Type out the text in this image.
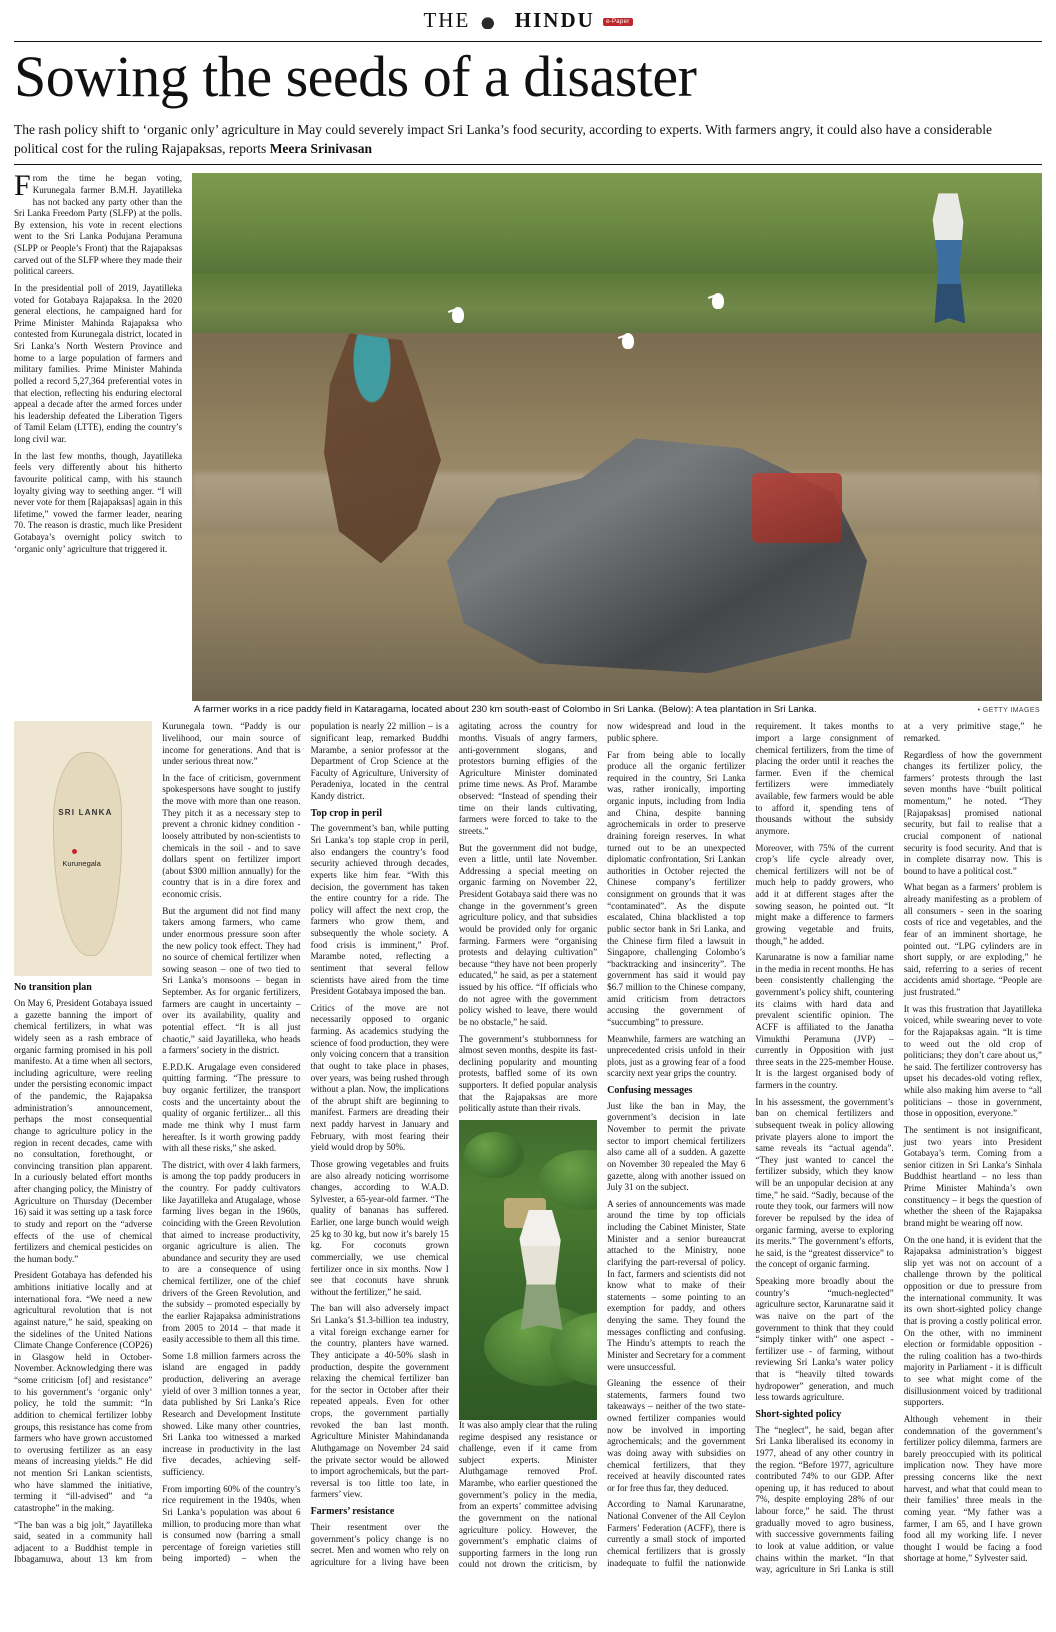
THE HINDU e-Paper
Sowing the seeds of a disaster
The rash policy shift to ‘organic only’ agriculture in May could severely impact Sri Lanka’s food security, according to experts. With farmers angry, it could also have a considerable political cost for the ruling Rajapaksas, reports Meera Srinivasan

From the time he began voting, Kurunegala farmer B.M.H. Jayatilleka has not backed any party other than the Sri Lanka Freedom Party (SLFP) at the polls. By extension, his vote in recent elections went to the Sri Lanka Podujana Peramuna (SLPP or People’s Front) that the Rajapaksas carved out of the SLFP where they made their political careers.

In the presidential poll of 2019, Jayatilleka voted for Gotabaya Rajapaksa. In the 2020 general elections, he campaigned hard for Prime Minister Mahinda Rajapaksa who contested from Kurunegala district, located in Sri Lanka’s North Western Province and home to a large population of farmers and military families. Prime Minister Mahinda polled a record 5,27,364 preferential votes in that election, reflecting his enduring electoral appeal a decade after the armed forces under his leadership defeated the Liberation Tigers of Tamil Eelam (LTTE), ending the country’s long civil war.

In the last few months, though, Jayatilleka feels very differently about his hitherto favourite political camp, with his staunch loyalty giving way to seething anger. “I will never vote for them [Rajapaksas] again in this lifetime,” vowed the farmer leader, nearing 70. The reason is drastic, much like President Gotabaya’s overnight policy switch to ‘organic only’ agriculture that triggered it.

A farmer works in a rice paddy field in Kataragama, located about 230 km south-east of Colombo in Sri Lanka. (Below): A tea plantation in Sri Lanka.	• GETTY IMAGES
SRI LANKA
Kurunegala
No transition plan

On May 6, President Gotabaya issued a gazette banning the import of chemical fertilizers, in what was widely seen as a rash embrace of organic farming promised in his poll manifesto. At a time when all sectors, including agriculture, were reeling under the persisting economic impact of the pandemic, the Rajapaksa administration’s announcement, perhaps the most consequential change to agriculture policy in the region in recent decades, came with no consultation, forethought, or convincing transition plan apparent. In a curiously belated effort months after changing policy, the Ministry of Agriculture on Thursday (December 16) said it was setting up a task force to study and report on the “adverse effects of the use of chemical fertilizers and chemical pesticides on the human body.”

President Gotabaya has defended his ambitions initiative locally and at international fora. “We need a new agricultural revolution that is not against nature,” he said, speaking on the sidelines of the United Nations Climate Change Conference (COP26) in Glasgow held in October-November. Acknowledging there was “some criticism [of] and resistance” to his government’s ‘organic only’ policy, he told the summit: “In addition to chemical fertilizer lobby groups, this resistance has come from farmers who have grown accustomed to overusing fertilizer as an easy means of increasing yields.” He did not mention Sri Lankan scientists, who have slammed the initiative, terming it “ill-advised” and “a catastrophe” in the making.

“The ban was a big jolt,” Jayatilleka said, seated in a community hall adjacent to a Buddhist temple in Ibbagamuwa, about 13 km from Kurunegala town. “Paddy is our livelihood, our main source of income for generations. And that is under serious threat now.”

In the face of criticism, government spokespersons have sought to justify the move with more than one reason. They pitch it as a necessary step to prevent a chronic kidney condition - loosely attributed by non-scientists to chemicals in the soil - and to save dollars spent on fertilizer import (about $300 million annually) for the country that is in a dire forex and economic crisis.

But the argument did not find many takers among farmers, who came under enormous pressure soon after the new policy took effect. They had no source of chemical fertilizer when sowing season – one of two tied to Sri Lanka’s monsoons – began in September. As for organic fertilizers, farmers are caught in uncertainty – over its availability, quality and potential effect. “It is all just chaotic,” said Jayatilleka, who heads a farmers’ society in the district.

E.P.D.K. Arugalage even considered quitting farming. “The pressure to buy organic fertilizer, the transport costs and the uncertainty about the quality of organic fertilizer... all this made me think why I must farm hereafter. Is it worth growing paddy with all these risks,” she asked.

The district, with over 4 lakh farmers, is among the top paddy producers in the country. For paddy cultivators like Jayatilleka and Atugalage, whose farming lives began in the 1960s, coinciding with the Green Revolution that aimed to increase productivity, organic agriculture is alien. The abundance and security they are used to are a consequence of using chemical fertilizer, one of the chief drivers of the Green Revolution, and the subsidy – promoted especially by the earlier Rajapaksa administrations from 2005 to 2014 – that made it easily accessible to them all this time.

Some 1.8 million farmers across the island are engaged in paddy production, delivering an average yield of over 3 million tonnes a year, data published by Sri Lanka’s Rice Research and Development Institute showed. Like many other countries, Sri Lanka too witnessed a marked increase in productivity in the last five decades, achieving self-sufficiency.

From importing 60% of the country’s rice requirement in the 1940s, when Sri Lanka’s population was about 6 million, to producing more than what is consumed now (barring a small percentage of foreign varieties still being imported) – when the population is nearly 22 million – is a significant leap, remarked Buddhi Marambe, a senior professor at the Department of Crop Science at the Faculty of Agriculture, University of Peradeniya, located in the central Kandy district.

Top crop in peril

The government’s ban, while putting Sri Lanka’s top staple crop in peril, also endangers the country’s food security achieved through decades, experts like him fear. “With this decision, the government has taken the entire country for a ride. The policy will affect the next crop, the farmers who grow them, and subsequently the whole society. A food crisis is imminent,” Prof. Marambe noted, reflecting a sentiment that several fellow scientists have aired from the time President Gotabaya imposed the ban.

Critics of the move are not necessarily opposed to organic farming. As academics studying the science of food production, they were only voicing concern that a transition that ought to take place in phases, over years, was being rushed through without a plan. Now, the implications of the abrupt shift are beginning to manifest. Farmers are dreading their next paddy harvest in January and February, with most fearing their yield would drop by 50%.

Those growing vegetables and fruits are also already noticing worrisome changes, according to W.A.D. Sylvester, a 65-year-old farmer. “The quality of bananas has suffered. Earlier, one large bunch would weigh 25 kg to 30 kg, but now it’s barely 15 kg. For coconuts grown commercially, we use chemical fertilizer once in six months. Now I see that coconuts have shrunk without the fertilizer,” he said.

The ban will also adversely impact Sri Lanka’s $1.3-billion tea industry, a vital foreign exchange earner for the country, planters have warned. They anticipate a 40-50% slash in production, despite the government relaxing the chemical fertilizer ban for the sector in October after their repeated appeals. Even for other crops, the government partially revoked the ban last month. Agriculture Minister Mahindananda Aluthgamage on November 24 said the private sector would be allowed to import agrochemicals, but the part-reversal is too little too late, in farmers’ view.

Farmers’ resistance

Their resentment over the government’s policy change is no secret. Men and women who rely on agriculture for a living have been agitating across the country for months. Visuals of angry farmers, anti-government slogans, and protestors burning effigies of the Agriculture Minister dominated prime time news. As Prof. Marambe observed: “Instead of spending their time on their lands cultivating, farmers were forced to take to the streets.”

But the government did not budge, even a little, until late November. Addressing a special meeting on organic farming on November 22, President Gotabaya said there was no change in the government’s green agriculture policy, and that subsidies would be provided only for organic farming. Farmers were “organising protests and delaying cultivation” because “they have not been properly educated,” he said, as per a statement issued by his office. “If officials who do not agree with the government policy wished to leave, there would be no obstacle,” he said.

The government’s stubbornness for almost seven months, despite its fast-declining popularity and mounting protests, baffled some of its own supporters. It defied popular analysis that the Rajapaksas are more politically astute than their rivals.

It was also amply clear that the ruling regime despised any resistance or challenge, even if it came from subject experts. Minister Aluthgamage removed Prof. Marambe, who earlier questioned the government’s policy in the media, from an experts’ committee advising the government on the national agriculture policy. However, the government’s emphatic claims of supporting farmers in the long run could not drown the criticism, by now widespread and loud in the public sphere.

Far from being able to locally produce all the organic fertilizer required in the country, Sri Lanka was, rather ironically, importing organic inputs, including from India and China, despite banning agrochemicals in order to preserve draining foreign reserves. In what turned out to be an unexpected diplomatic confrontation, Sri Lankan authorities in October rejected the Chinese company’s fertilizer consignment on grounds that it was “contaminated”. As the dispute escalated, China blacklisted a top public sector bank in Sri Lanka, and the Chinese firm filed a lawsuit in Singapore, challenging Colombo’s “backtracking and insincerity”. The government has said it would pay $6.7 million to the Chinese company, amid criticism from detractors accusing the government of “succumbing” to pressure.

Meanwhile, farmers are watching an unprecedented crisis unfold in their plots, just as a growing fear of a food scarcity next year grips the country.

Confusing messages

Just like the ban in May, the government’s decision in late November to permit the private sector to import chemical fertilizers also came all of a sudden. A gazette on November 30 repealed the May 6 gazette, along with another issued on July 31 on the subject.

A series of announcements was made around the time by top officials including the Cabinet Minister, State Minister and a senior bureaucrat attached to the Ministry, none clarifying the part-reversal of policy. In fact, farmers and scientists did not know what to make of their statements – some pointing to an exemption for paddy, and others denying the same. They found the messages conflicting and confusing. The Hindu’s attempts to reach the Minister and Secretary for a comment were unsuccessful.

Gleaning the essence of their statements, farmers found two takeaways – neither of the two state-owned fertilizer companies would now be involved in importing agrochemicals; and the government was doing away with subsidies on chemical fertilizers, that they received at heavily discounted rates or for free thus far, they deduced.

According to Namal Karunaratne, National Convener of the All Ceylon Farmers’ Federation (ACFF), there is currently a small stock of imported chemical fertilizers that is grossly inadequate to fulfil the nationwide requirement. It takes months to import a large consignment of chemical fertilizers, from the time of placing the order until it reaches the farmer. Even if the chemical fertilizers were immediately available, few farmers would be able to afford it, spending tens of thousands without the subsidy anymore.

Moreover, with 75% of the current crop’s life cycle already over, chemical fertilizers will not be of much help to paddy growers, who add it at different stages after the sowing season, he pointed out. “It might make a difference to farmers growing vegetable and fruits, though,” he added.

Karunaratne is now a familiar name in the media in recent months. He has been consistently challenging the government’s policy shift, countering its claims with hard data and prevalent scientific opinion. The ACFF is affiliated to the Janatha Vimukthi Peramuna (JVP) – currently in Opposition with just three seats in the 225-member House. It is the largest organised body of farmers in the country.

In his assessment, the government’s ban on chemical fertilizers and subsequent tweak in policy allowing private players alone to import the same reveals its “actual agenda”. “They just wanted to cancel the fertilizer subsidy, which they know will be an unpopular decision at any time,” he said. “Sadly, because of the route they took, our farmers will now forever be repulsed by the idea of organic farming, averse to exploring its merits.” The government’s efforts, he said, is the “greatest disservice” to the concept of organic farming.

Speaking more broadly about the country’s “much-neglected” agriculture sector, Karunaratne said it was naive on the part of the government to think that they could “simply tinker with” one aspect - fertilizer use - of farming, without reviewing Sri Lanka’s water policy that is “heavily tilted towards hydropower” generation, and much less towards agriculture.

Short-sighted policy

The “neglect”, he said, began after Sri Lanka liberalised its economy in 1977, ahead of any other country in the region. “Before 1977, agriculture contributed 74% to our GDP. After opening up, it has reduced to about 7%, despite employing 28% of our labour force,” he said. The thrust gradually moved to agro business, with successive governments failing to look at value addition, or value chains within the market. “In that way, agriculture in Sri Lanka is still at a very primitive stage,” he remarked.

Regardless of how the government changes its fertilizer policy, the farmers’ protests through the last seven months have “built political momentum,” he noted. “They [Rajapaksas] promised national security, but fail to realise that a crucial component of national security is food security. And that is in complete disarray now. This is bound to have a political cost.”

What began as a farmers’ problem is already manifesting as a problem of all consumers - seen in the soaring costs of rice and vegetables, and the fear of an imminent shortage, he pointed out. “LPG cylinders are in short supply, or are exploding,” he said, referring to a series of recent accidents amid shortage. “People are just frustrated.”

It was this frustration that Jayatilleka voiced, while swearing never to vote for the Rajapaksas again. “It is time to weed out the old crop of politicians; they don’t care about us,” he said. The fertilizer controversy has upset his decades-old voting reflex, while also making him averse to “all politicians – those in government, those in opposition, everyone.”

The sentiment is not insignificant, just two years into President Gotabaya’s term. Coming from a senior citizen in Sri Lanka’s Sinhala Buddhist heartland – no less than Prime Minister Mahinda’s own constituency – it begs the question of whether the sheen of the Rajapaksa brand might be wearing off now.

On the one hand, it is evident that the Rajapaksa administration’s biggest slip yet was not on account of a challenge thrown by the political opposition or due to pressure from the international community. It was its own short-sighted policy change that is proving a costly political error. On the other, with no imminent election or formidable opposition - the ruling coalition has a two-thirds majority in Parliament - it is difficult to see what might come of the disillusionment voiced by traditional supporters.

Although vehement in their condemnation of the government’s fertilizer policy dilemma, farmers are barely preoccupied with its political implication now. They have more pressing concerns like the next harvest, and what that could mean to their families’ three meals in the coming year. “My father was a farmer, I am 65, and I have grown food all my working life. I never thought I would be facing a food shortage at home,” Sylvester said.
